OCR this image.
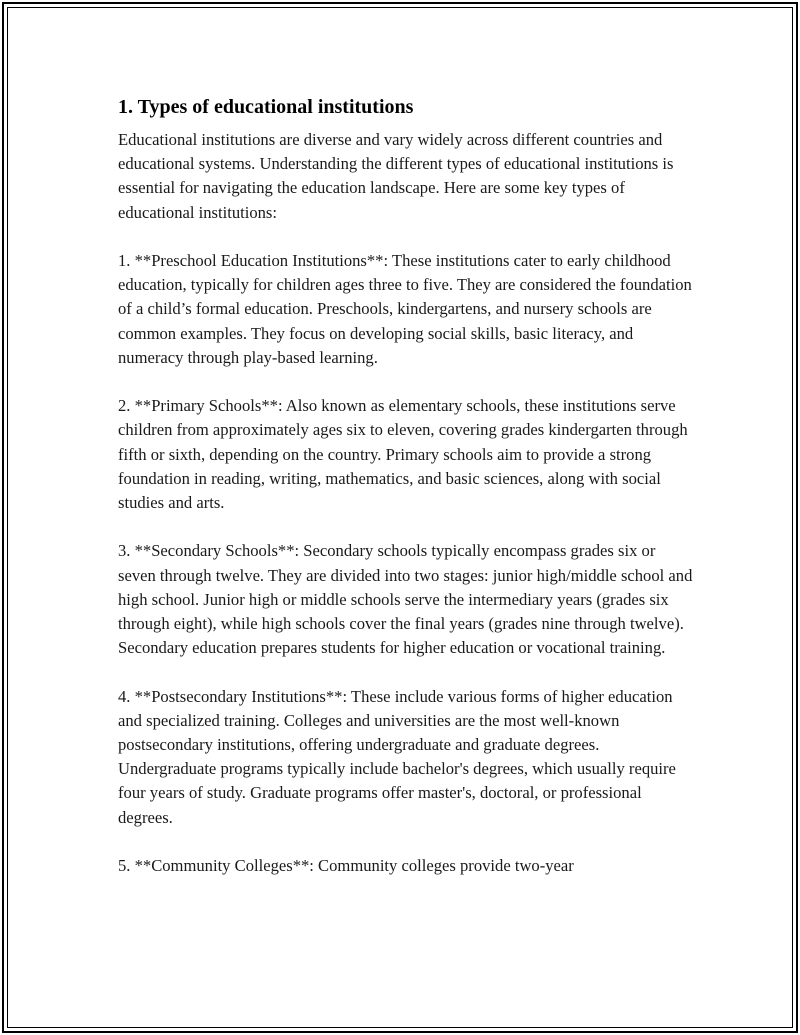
1. Types of educational institutions

Educational institutions are diverse and vary widely across different countries and educational systems. Understanding the different types of educational institutions is essential for navigating the education landscape. Here are some key types of educational institutions:

1. **Preschool Education Institutions**: These institutions cater to early childhood education, typically for children ages three to five. They are considered the foundation of a child’s formal education. Preschools, kindergartens, and nursery schools are common examples. They focus on developing social skills, basic literacy, and numeracy through play-based learning.

2. **Primary Schools**: Also known as elementary schools, these institutions serve children from approximately ages six to eleven, covering grades kindergarten through fifth or sixth, depending on the country. Primary schools aim to provide a strong foundation in reading, writing, mathematics, and basic sciences, along with social studies and arts.

3. **Secondary Schools**: Secondary schools typically encompass grades six or seven through twelve. They are divided into two stages: junior high/middle school and high school. Junior high or middle schools serve the intermediary years (grades six through eight), while high schools cover the final years (grades nine through twelve). Secondary education prepares students for higher education or vocational training.

4. **Postsecondary Institutions**: These include various forms of higher education and specialized training. Colleges and universities are the most well-known postsecondary institutions, offering undergraduate and graduate degrees. Undergraduate programs typically include bachelor's degrees, which usually require four years of study. Graduate programs offer master's, doctoral, or professional degrees.

5. **Community Colleges**: Community colleges provide two-year
